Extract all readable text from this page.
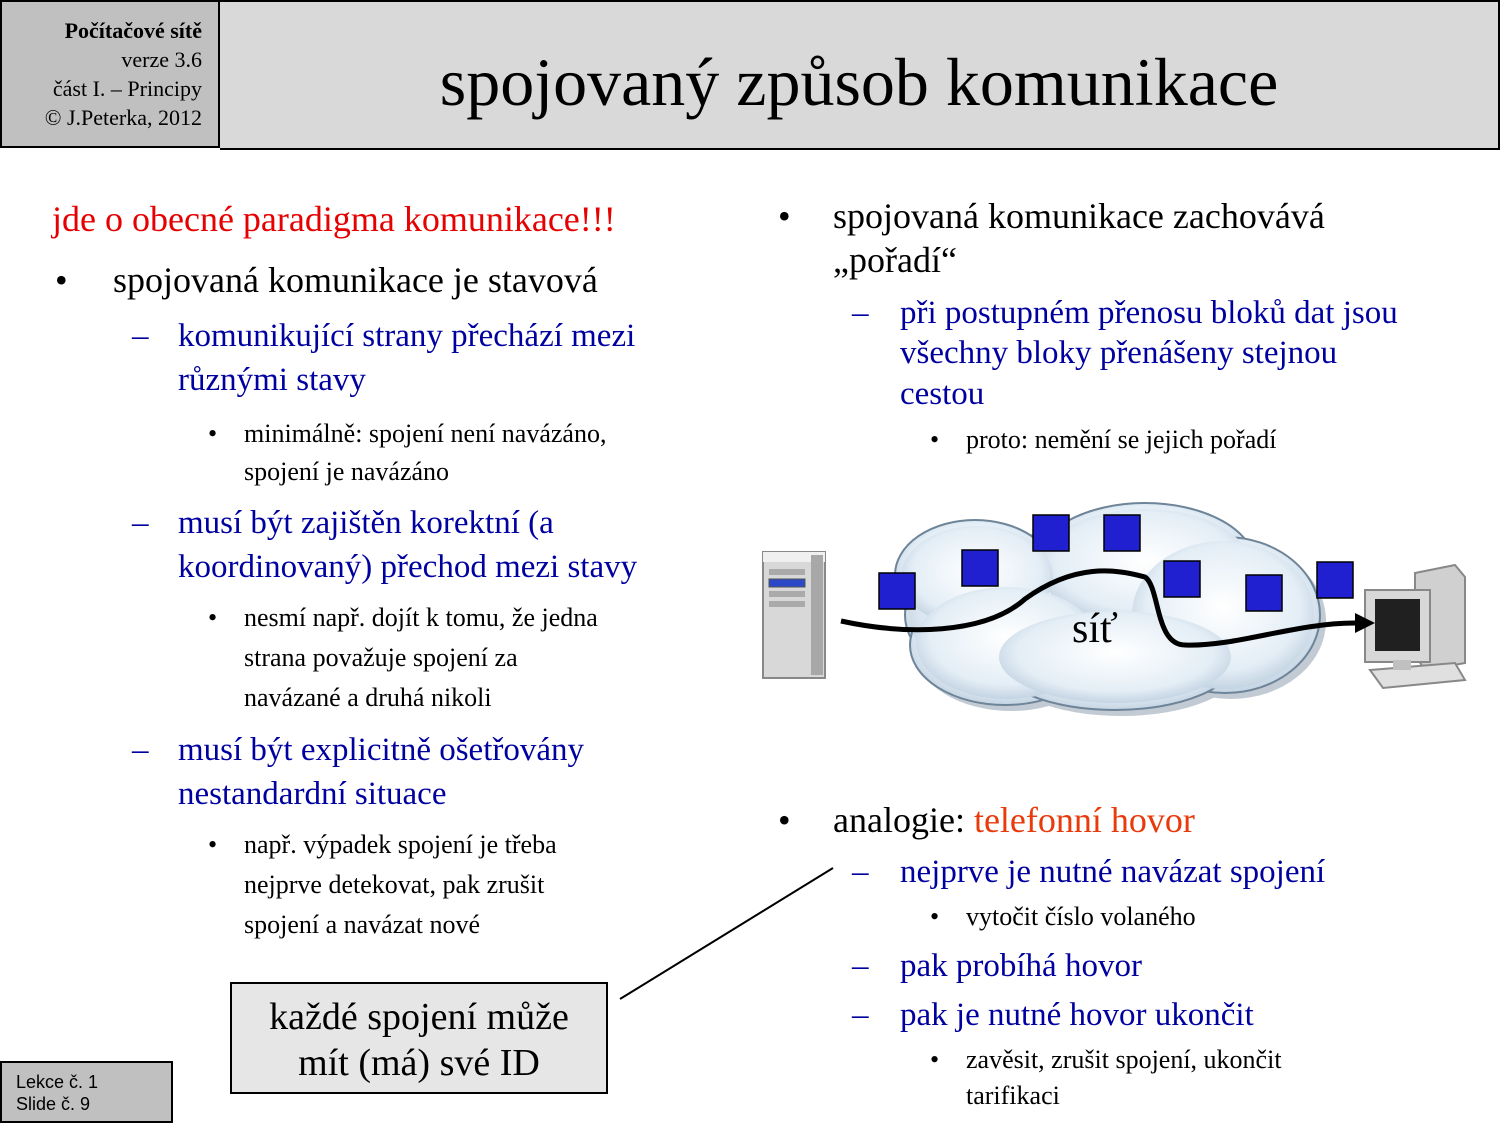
Počítačové sítě
verze 3.6
část I. – Principy
© J.Peterka, 2012	spojovaný způsob komunikace
jde o obecné paradigma komunikace!!!
• spojovaná komunikace je stavová
– komunikující strany přechází mezi
různými stavy
• minimálně: spojení není navázáno,
spojení je navázáno
– musí být zajištěn korektní (a
koordinovaný) přechod mezi stavy
• nesmí např. dojít k tomu, že jedna
strana považuje spojení za
navázané a druhá nikoli
– musí být explicitně ošetřovány
nestandardní situace
• např. výpadek spojení je třeba
nejprve detekovat, pak zrušit
spojení a navázat nové
• spojovaná komunikace zachovává
„pořadí“
– při postupném přenosu bloků dat jsou
všechny bloky přenášeny stejnou
cestou
• proto: nemění se jejich pořadí
síť
• analogie: telefonní hovor
– nejprve je nutné navázat spojení
• vytočit číslo volaného
– pak probíhá hovor
– pak je nutné hovor ukončit
• zavěsit, zrušit spojení, ukončit
tarifikaci
každé spojení může
mít (má) své ID
Lekce č. 1
Slide č. 9
